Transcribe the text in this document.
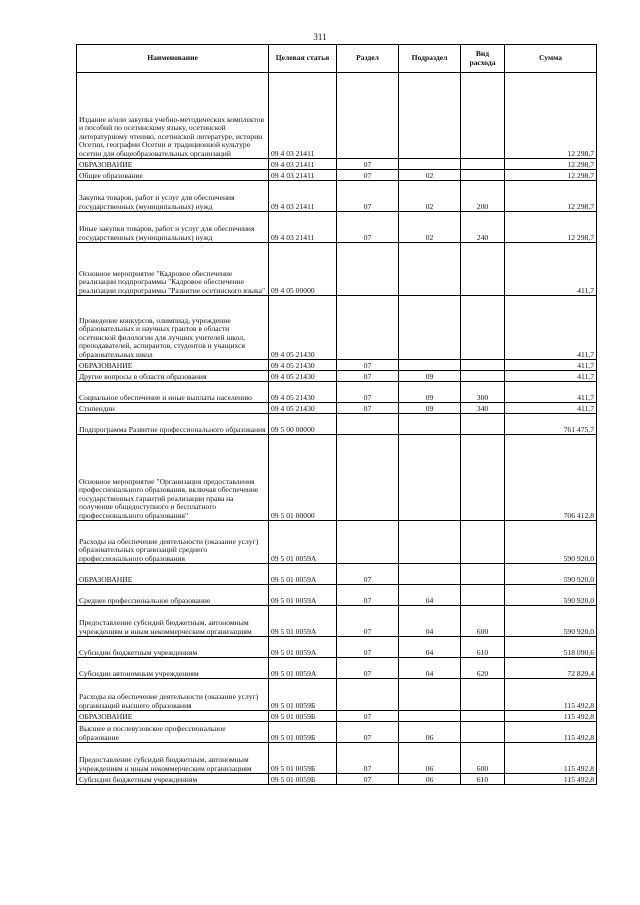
311
Наименование	Целевая статья	Раздел	Подраздел	Вид расхода	Сумма
Издание и/или закупка учебно-методических комплектов и пособий по осетинскому языку, осетинской литературному чтению, осетинской литературе, истории Осетии, географии Осетии и традиционной культуре осетин для общеобразовательных организаций	09 4 03 21411				12 298,7
ОБРАЗОВАНИЕ	09 4 03 21411	07			12 298,7
Общее образование	09 4 03 21411	07	02		12 298,7
Закупка товаров, работ и услуг для обеспечения государственных (муниципальных) нужд	09 4 03 21411	07	02	200	12 298,7
Иные закупки товаров, работ и услуг для обеспечения государственных (муниципальных) нужд	09 4 03 21411	07	02	240	12 298,7
Основное мероприятие "Кадровое обеспечение реализации подпрограммы "Кадровое обеспечение реализации подпрограммы "Развитие осетинского языка"	09 4 05 00000				411,7
Проведение конкурсов, олимпиад, учреждение образовательных и научных грантов в области осетинской филологии для лучших учителей школ, преподавателей, аспирантов, студентов и учащихся образовательных школ	09 4 05 21430				411,7
ОБРАЗОВАНИЕ	09 4 05 21430	07			411,7
Другие вопросы в области образования	09 4 05 21430	07	09		411,7
Социальное обеспечение и иные выплаты населению	09 4 05 21430	07	09	300	411,7
Стипендии	09 4 05 21430	07	09	340	411,7
Подпрограмма Развитие профессионального образования	09 5 00 00000				761 475,7
Основное мероприятие "Организация предоставления профессионального образования, включая обеспечение государственных гарантий реализации права на получение общедоступного и бесплатного профессионального образования"	09 5 01 00000				706 412,8
Расходы на обеспечение деятельности (оказание услуг) образовательных организаций среднего профессионального образования	09 5 01 0059А				590 920,0
ОБРАЗОВАНИЕ	09 5 01 0059А	07			590 920,0
Среднее профессиональное образование	09 5 01 0059А	07	04		590 920,0
Предоставление субсидий бюджетным, автономным учреждениям и иным некоммерческим организациям	09 5 01 0059А	07	04	600	590 920,0
Субсидии бюджетным учреждениям	09 5 01 0059А	07	04	610	518 090,6
Субсидии автономным учреждениям	09 5 01 0059А	07	04	620	72 829,4
Расходы на обеспечение деятельности (оказание услуг) организаций высшего образования	09 5 01 0059Б				115 492,8
ОБРАЗОВАНИЕ	09 5 01 0059Б	07			115 492,8
Высшее и послевузовское профессиональное образование	09 5 01 0059Б	07	06		115 492,8
Предоставление субсидий бюджетным, автономным учреждениям и иным некоммерческим организациям	09 5 01 0059Б	07	06	600	115 492,8
Субсидии бюджетным учреждениям	09 5 01 0059Б	07	06	610	115 492,8
